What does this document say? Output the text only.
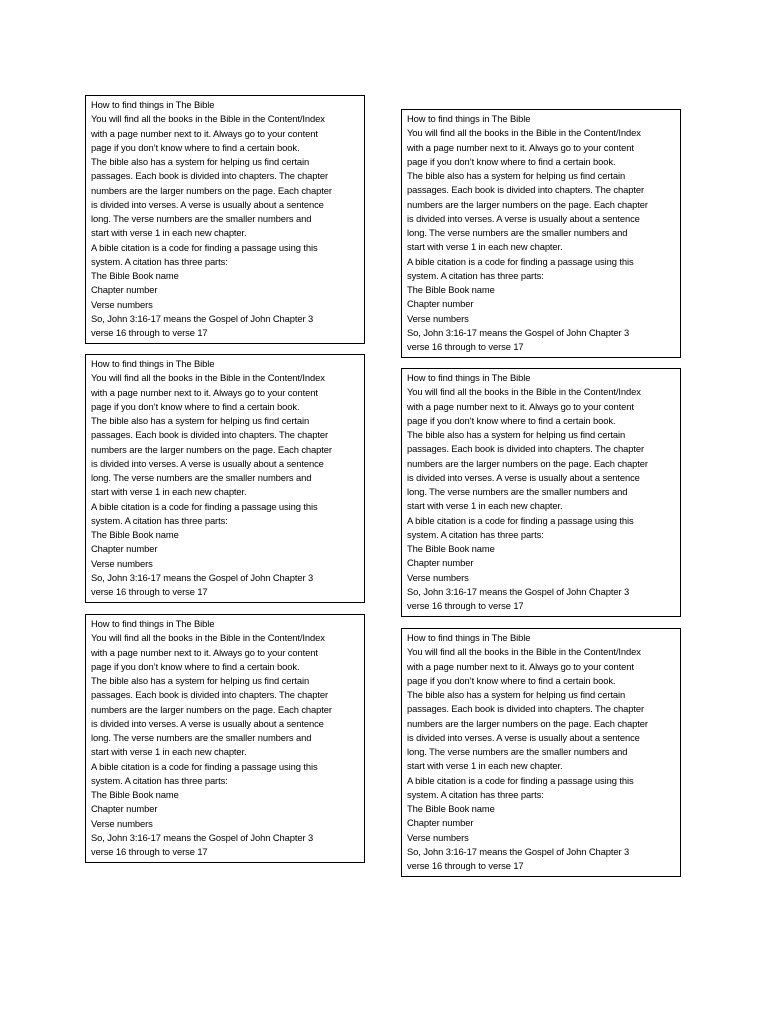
How to find things in The Bible
You will find all the books in the Bible in the Content/Index
with a page number next to it. Always go to your content
page if you don’t know where to find a certain book.
The bible also has a system for helping us find certain
passages. Each book is divided into chapters. The chapter
numbers are the larger numbers on the page. Each chapter
is divided into verses. A verse is usually about a sentence
long. The verse numbers are the smaller numbers and
start with verse 1 in each new chapter.
A bible citation is a code for finding a passage using this
system. A citation has three parts:
The Bible Book name
Chapter number
Verse numbers
So, John 3:16-17 means the Gospel of John Chapter 3
verse 16 through to verse 17
How to find things in The Bible
You will find all the books in the Bible in the Content/Index
with a page number next to it. Always go to your content
page if you don’t know where to find a certain book.
The bible also has a system for helping us find certain
passages. Each book is divided into chapters. The chapter
numbers are the larger numbers on the page. Each chapter
is divided into verses. A verse is usually about a sentence
long. The verse numbers are the smaller numbers and
start with verse 1 in each new chapter.
A bible citation is a code for finding a passage using this
system. A citation has three parts:
The Bible Book name
Chapter number
Verse numbers
So, John 3:16-17 means the Gospel of John Chapter 3
verse 16 through to verse 17
How to find things in The Bible
You will find all the books in the Bible in the Content/Index
with a page number next to it. Always go to your content
page if you don’t know where to find a certain book.
The bible also has a system for helping us find certain
passages. Each book is divided into chapters. The chapter
numbers are the larger numbers on the page. Each chapter
is divided into verses. A verse is usually about a sentence
long. The verse numbers are the smaller numbers and
start with verse 1 in each new chapter.
A bible citation is a code for finding a passage using this
system. A citation has three parts:
The Bible Book name
Chapter number
Verse numbers
So, John 3:16-17 means the Gospel of John Chapter 3
verse 16 through to verse 17
How to find things in The Bible
You will find all the books in the Bible in the Content/Index
with a page number next to it. Always go to your content
page if you don’t know where to find a certain book.
The bible also has a system for helping us find certain
passages. Each book is divided into chapters. The chapter
numbers are the larger numbers on the page. Each chapter
is divided into verses. A verse is usually about a sentence
long. The verse numbers are the smaller numbers and
start with verse 1 in each new chapter.
A bible citation is a code for finding a passage using this
system. A citation has three parts:
The Bible Book name
Chapter number
Verse numbers
So, John 3:16-17 means the Gospel of John Chapter 3
verse 16 through to verse 17
How to find things in The Bible
You will find all the books in the Bible in the Content/Index
with a page number next to it. Always go to your content
page if you don’t know where to find a certain book.
The bible also has a system for helping us find certain
passages. Each book is divided into chapters. The chapter
numbers are the larger numbers on the page. Each chapter
is divided into verses. A verse is usually about a sentence
long. The verse numbers are the smaller numbers and
start with verse 1 in each new chapter.
A bible citation is a code for finding a passage using this
system. A citation has three parts:
The Bible Book name
Chapter number
Verse numbers
So, John 3:16-17 means the Gospel of John Chapter 3
verse 16 through to verse 17
How to find things in The Bible
You will find all the books in the Bible in the Content/Index
with a page number next to it. Always go to your content
page if you don’t know where to find a certain book.
The bible also has a system for helping us find certain
passages. Each book is divided into chapters. The chapter
numbers are the larger numbers on the page. Each chapter
is divided into verses. A verse is usually about a sentence
long. The verse numbers are the smaller numbers and
start with verse 1 in each new chapter.
A bible citation is a code for finding a passage using this
system. A citation has three parts:
The Bible Book name
Chapter number
Verse numbers
So, John 3:16-17 means the Gospel of John Chapter 3
verse 16 through to verse 17
